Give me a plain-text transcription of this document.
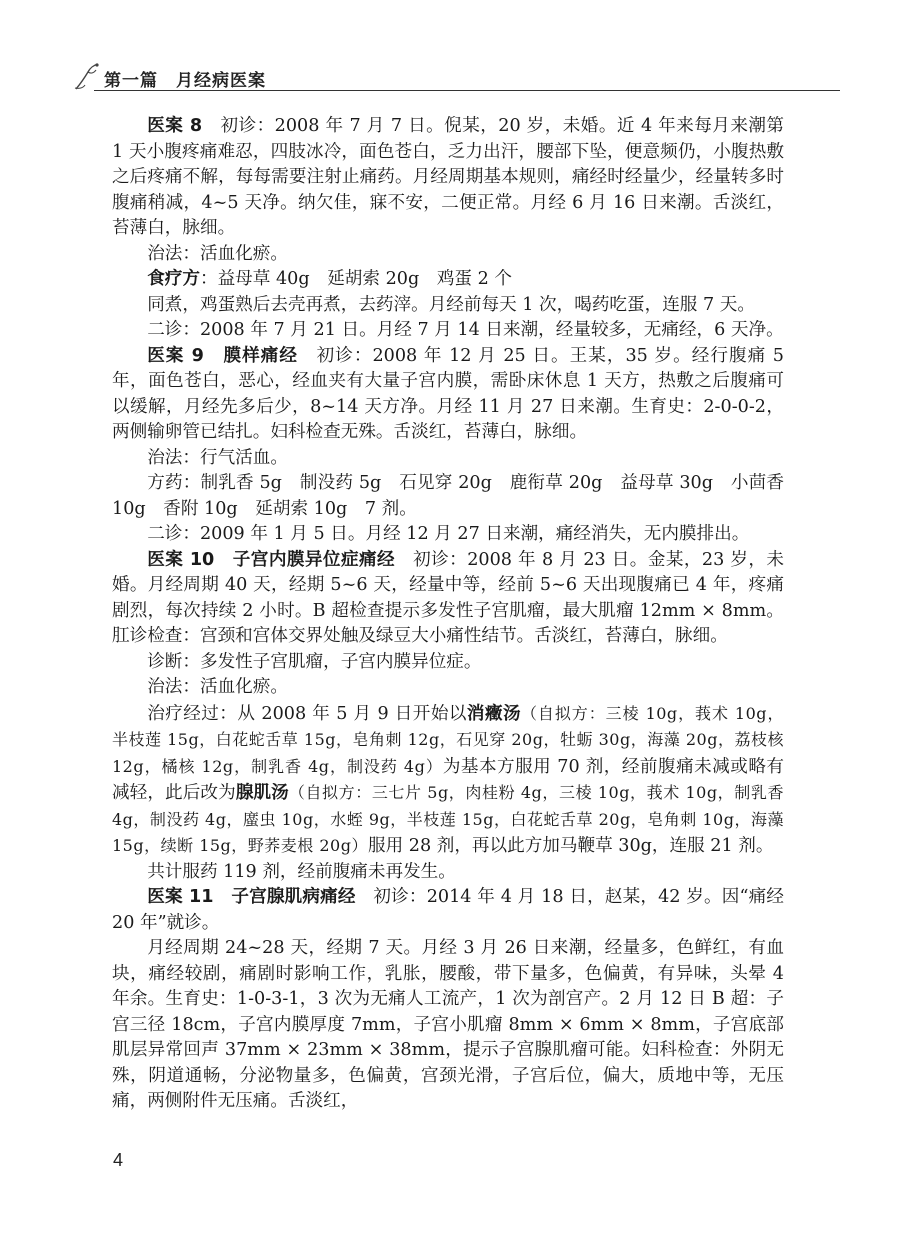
第一篇　月经病医案

医案 8　初诊：2008 年 7 月 7 日。倪某，20 岁，未婚。近 4 年来每月来潮第 1 天小腹疼痛难忍，四肢冰冷，面色苍白，乏力出汗，腰部下坠，便意频仍，小腹热敷之后疼痛不解，每每需要注射止痛药。月经周期基本规则，痛经时经量少，经量转多时腹痛稍减，4~5 天净。纳欠佳，寐不安，二便正常。月经 6 月 16 日来潮。舌淡红，苔薄白，脉细。

治法：活血化瘀。

食疗方：益母草 40g　延胡索 20g　鸡蛋 2 个

同煮，鸡蛋熟后去壳再煮，去药滓。月经前每天 1 次，喝药吃蛋，连服 7 天。

二诊：2008 年 7 月 21 日。月经 7 月 14 日来潮，经量较多，无痛经，6 天净。

医案 9　膜样痛经　初诊：2008 年 12 月 25 日。王某，35 岁。经行腹痛 5 年，面色苍白，恶心，经血夹有大量子宫内膜，需卧床休息 1 天方，热敷之后腹痛可以缓解，月经先多后少，8~14 天方净。月经 11 月 27 日来潮。生育史：2-0-0-2，两侧输卵管已结扎。妇科检查无殊。舌淡红，苔薄白，脉细。

治法：行气活血。

方药：制乳香 5g　制没药 5g　石见穿 20g　鹿衔草 20g　益母草 30g　小茴香 10g　香附 10g　延胡索 10g　7 剂。

二诊：2009 年 1 月 5 日。月经 12 月 27 日来潮，痛经消失，无内膜排出。

医案 10　子宫内膜异位症痛经　初诊：2008 年 8 月 23 日。金某，23 岁，未婚。月经周期 40 天，经期 5~6 天，经量中等，经前 5~6 天出现腹痛已 4 年，疼痛剧烈，每次持续 2 小时。B 超检查提示多发性子宫肌瘤，最大肌瘤 12mm × 8mm。肛诊检查：宫颈和宫体交界处触及绿豆大小痛性结节。舌淡红，苔薄白，脉细。

诊断：多发性子宫肌瘤，子宫内膜异位症。

治法：活血化瘀。

治疗经过：从 2008 年 5 月 9 日开始以消癥汤（自拟方：三棱 10g，莪术 10g，半枝莲 15g，白花蛇舌草 15g，皂角刺 12g，石见穿 20g，牡蛎 30g，海藻 20g，荔枝核 12g，橘核 12g，制乳香 4g，制没药 4g）为基本方服用 70 剂，经前腹痛未减或略有减轻，此后改为腺肌汤（自拟方：三七片 5g，肉桂粉 4g，三棱 10g，莪术 10g，制乳香 4g，制没药 4g，䗪虫 10g，水蛭 9g，半枝莲 15g，白花蛇舌草 20g，皂角刺 10g，海藻 15g，续断 15g，野荞麦根 20g）服用 28 剂，再以此方加马鞭草 30g，连服 21 剂。

共计服药 119 剂，经前腹痛未再发生。

医案 11　子宫腺肌病痛经　初诊：2014 年 4 月 18 日，赵某，42 岁。因“痛经 20 年”就诊。

月经周期 24~28 天，经期 7 天。月经 3 月 26 日来潮，经量多，色鲜红，有血块，痛经较剧，痛剧时影响工作，乳胀，腰酸，带下量多，色偏黄，有异味，头晕 4 年余。生育史：1-0-3-1，3 次为无痛人工流产，1 次为剖宫产。2 月 12 日 B 超：子宫三径 18cm，子宫内膜厚度 7mm，子宫小肌瘤 8mm × 6mm × 8mm，子宫底部肌层异常回声 37mm × 23mm × 38mm，提示子宫腺肌瘤可能。妇科检查：外阴无殊，阴道通畅，分泌物量多，色偏黄，宫颈光滑，子宫后位，偏大，质地中等，无压痛，两侧附件无压痛。舌淡红，

4
